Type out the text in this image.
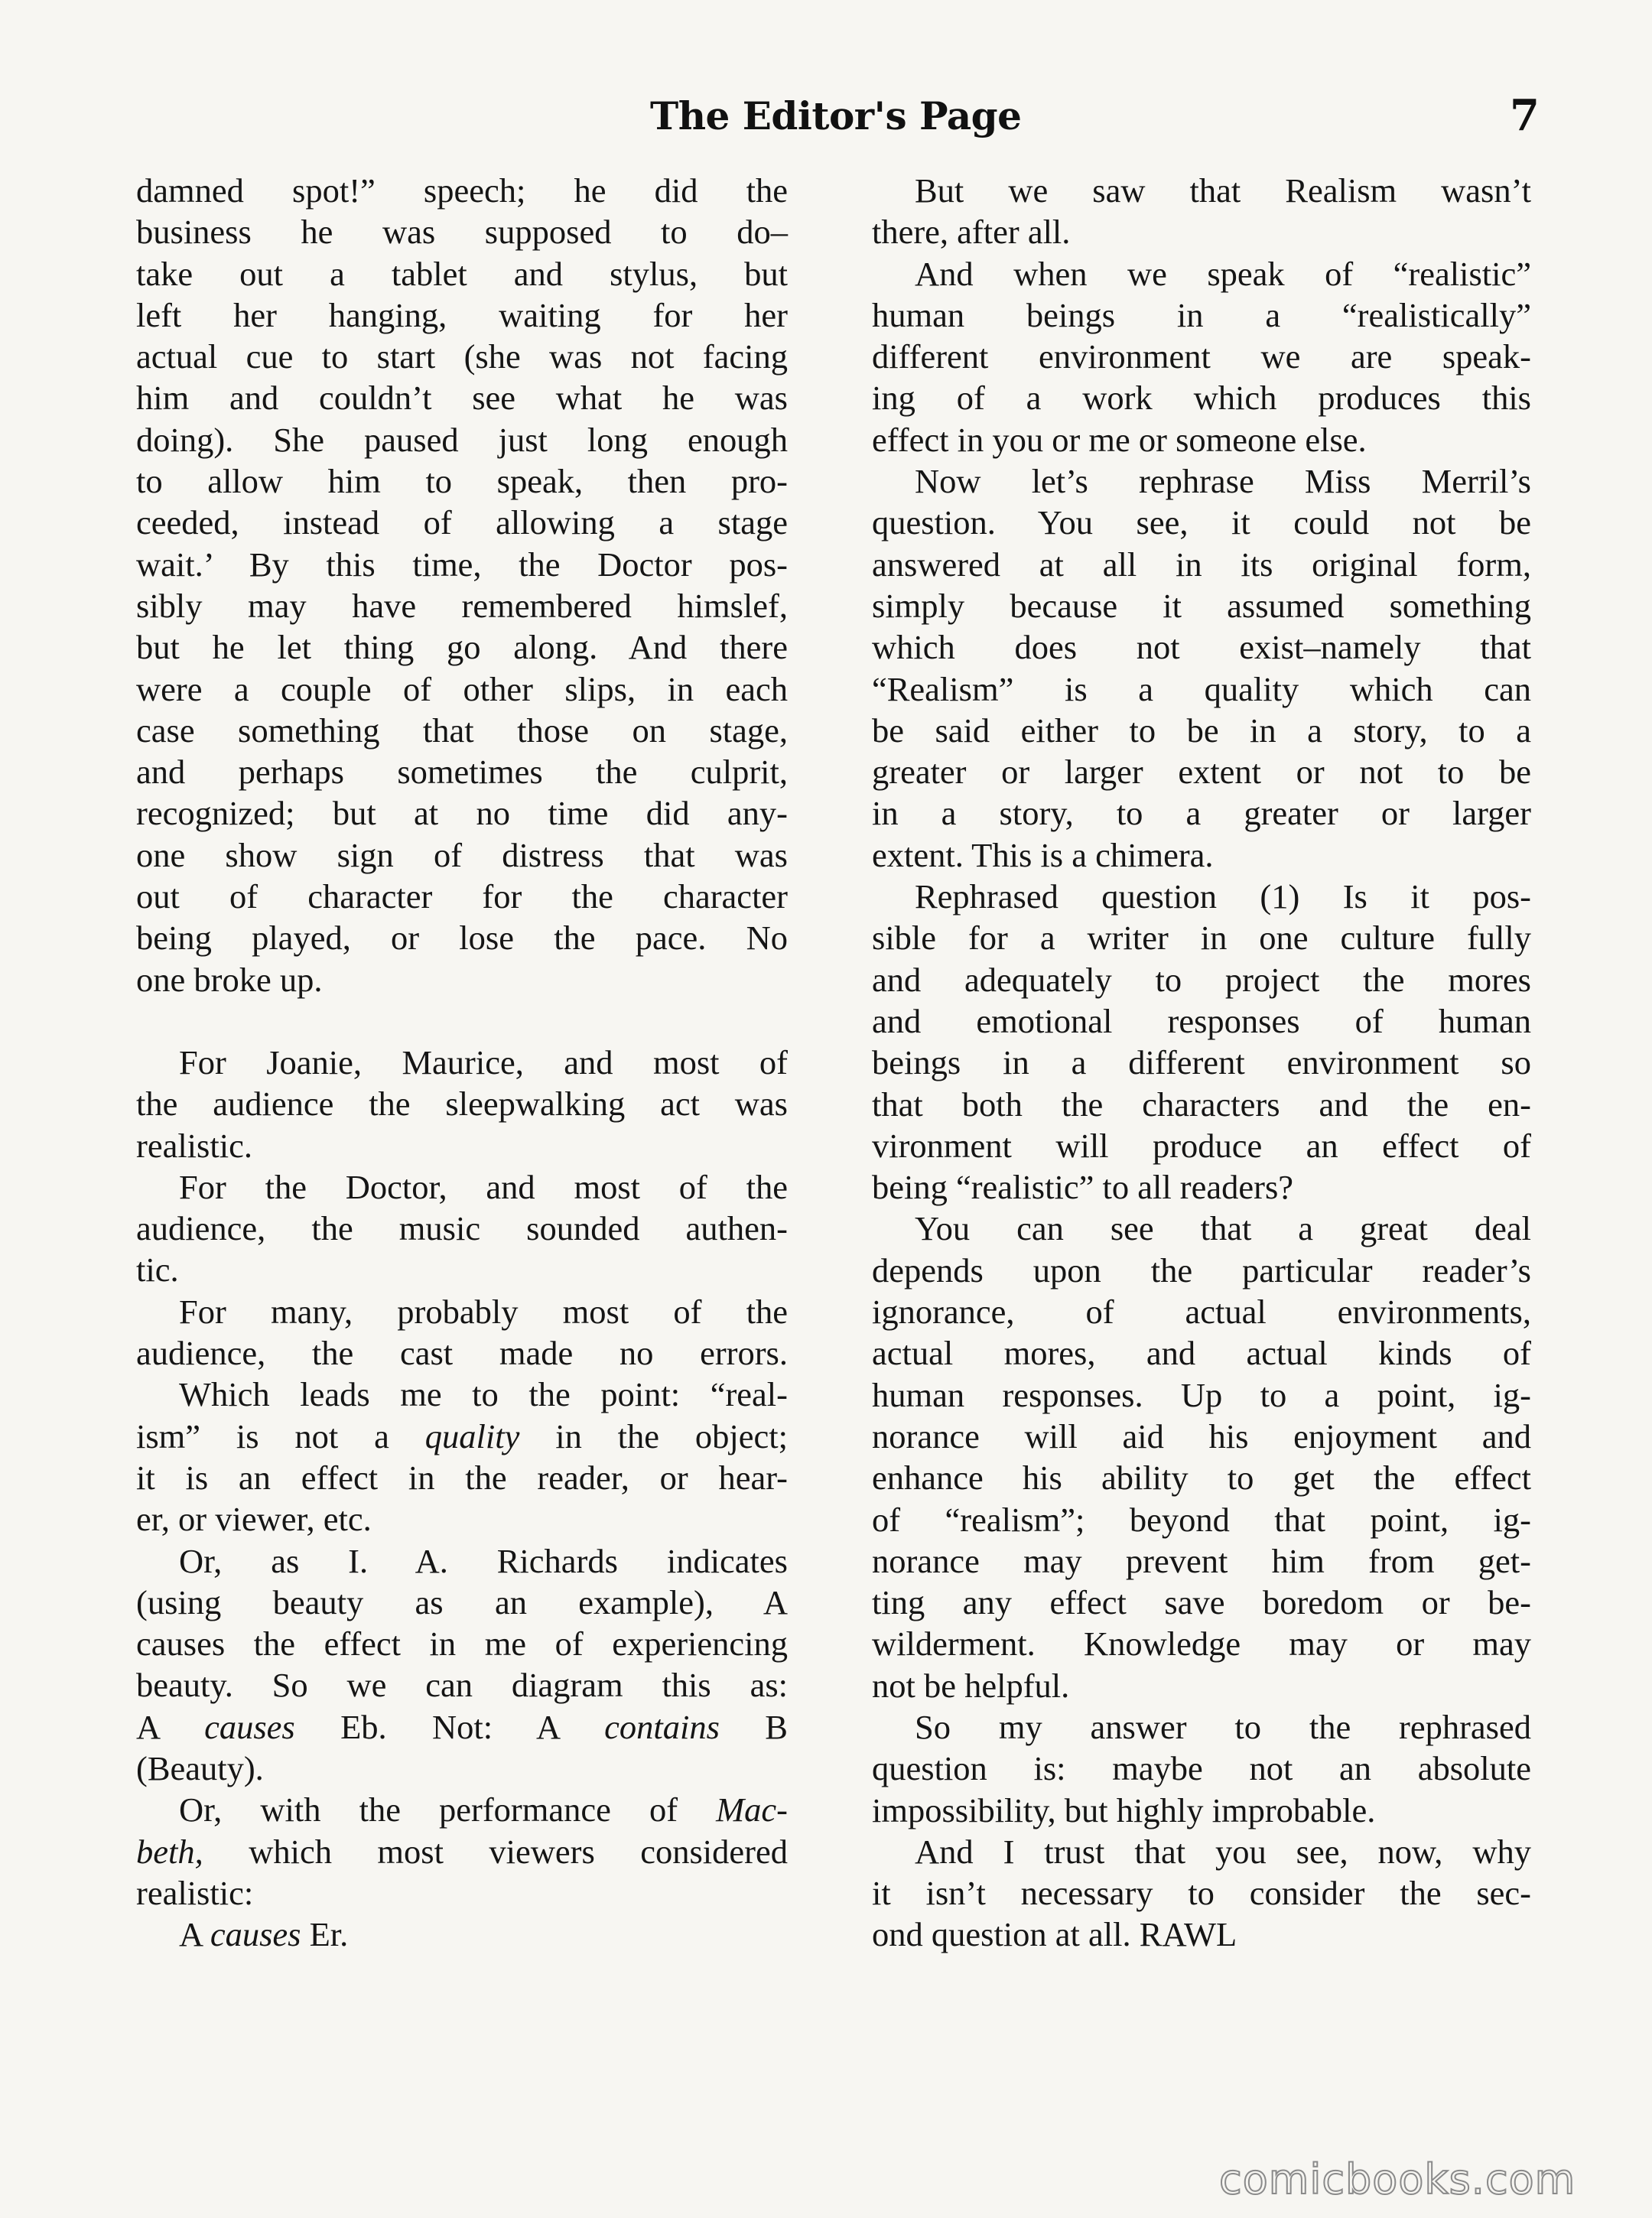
The Editor's Page	7
damned spot!” speech; he did the
business he was supposed to do–
take out a tablet and stylus, but
left her hanging, waiting for her
actual cue to start (she was not facing
him and couldn’t see what he was
doing). She paused just long enough
to allow him to speak, then pro-
ceeded, instead of allowing a stage
wait.’ By this time, the Doctor pos-
sibly may have remembered himslef,
but he let thing go along. And there
were a couple of other slips, in each
case something that those on stage,
and perhaps sometimes the culprit,
recognized; but at no time did any-
one show sign of distress that was
out of character for the character
being played, or lose the pace. No
one broke up.
For Joanie, Maurice, and most of
the audience the sleepwalking act was
realistic.
For the Doctor, and most of the
audience, the music sounded authen-
tic.
For many, probably most of the
audience, the cast made no errors.
Which leads me to the point: “real-
ism” is not a quality in the object;
it is an effect in the reader, or hear-
er, or viewer, etc.
Or, as I. A. Richards indicates
(using beauty as an example), A
causes the effect in me of experiencing
beauty. So we can diagram this as:
A causes Eb. Not: A contains B
(Beauty).
Or, with the performance of Mac-
beth, which most viewers considered
realistic:
A causes Er.
But we saw that Realism wasn’t
there, after all.
And when we speak of “realistic”
human beings in a “realistically”
different environment we are speak-
ing of a work which produces this
effect in you or me or someone else.
Now let’s rephrase Miss Merril’s
question. You see, it could not be
answered at all in its original form,
simply because it assumed something
which does not exist–namely that
“Realism” is a quality which can
be said either to be in a story, to a
greater or larger extent or not to be
in a story, to a greater or larger
extent. This is a chimera.
Rephrased question (1) Is it pos-
sible for a writer in one culture fully
and adequately to project the mores
and emotional responses of human
beings in a different environment so
that both the characters and the en-
vironment will produce an effect of
being “realistic” to all readers?
You can see that a great deal
depends upon the particular reader’s
ignorance, of actual environments,
actual mores, and actual kinds of
human responses. Up to a point, ig-
norance will aid his enjoyment and
enhance his ability to get the effect
of “realism”; beyond that point, ig-
norance may prevent him from get-
ting any effect save boredom or be-
wilderment. Knowledge may or may
not be helpful.
So my answer to the rephrased
question is: maybe not an absolute
impossibility, but highly improbable.
And I trust that you see, now, why
it isn’t necessary to consider the sec-
ond question at all. RAWL
comicbooks.com
